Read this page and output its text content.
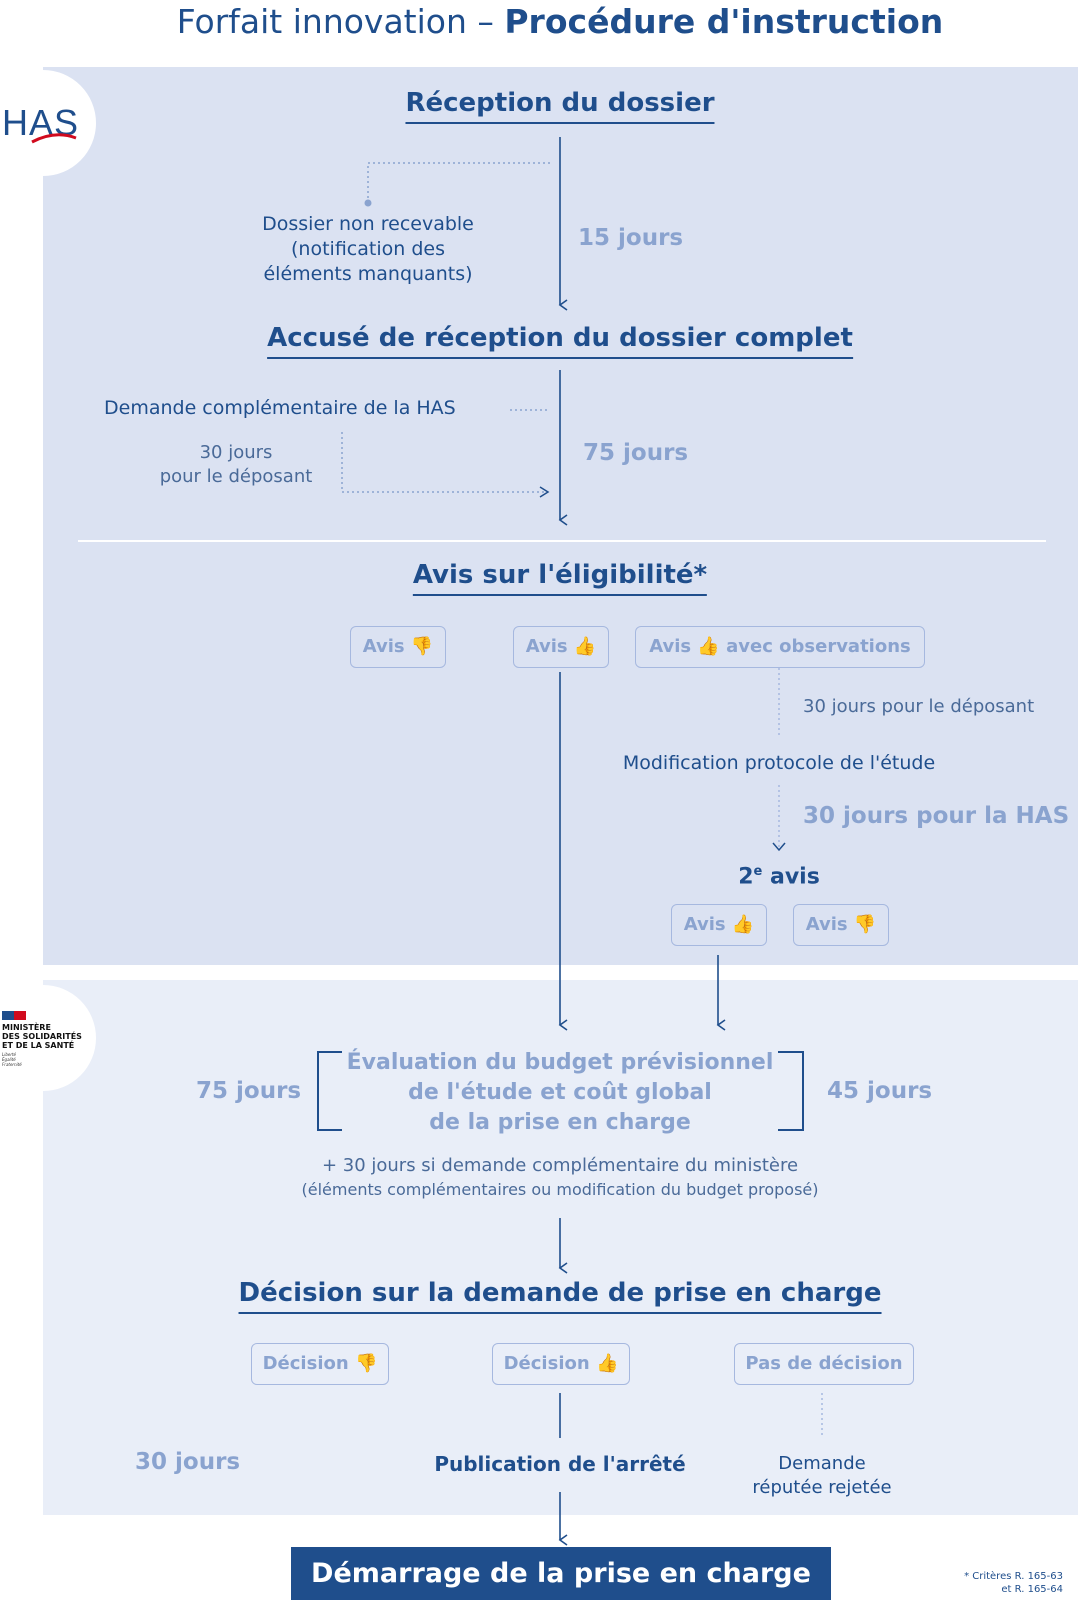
Forfait innovation – Procédure d'instruction
HAS
MINISTÈRE
DES SOLIDARITÉS
ET DE LA SANTÉ
Liberté
Égalité
Fraternité
Réception du dossier
Dossier non recevable
(notification des
éléments manquants)
15 jours
Accusé de réception du dossier complet
Demande complémentaire de la HAS
30 jours
pour le déposant
75 jours
Avis sur l'éligibilité*
Avis 👎	Avis 👍	Avis 👍 avec observations
30 jours pour le déposant
Modification protocole de l'étude
30 jours pour la HAS
2e avis
Avis 👍	Avis 👎
Évaluation du budget prévisionnel
de l'étude et coût global
de la prise en charge
75 jours	45 jours
+ 30 jours si demande complémentaire du ministère
(éléments complémentaires ou modification du budget proposé)
Décision sur la demande de prise en charge
Décision 👎	Décision 👍	Pas de décision
30 jours	Publication de l'arrêté	Demande
réputée rejetée
Démarrage de la prise en charge	* Critères R. 165-63
et R. 165-64
